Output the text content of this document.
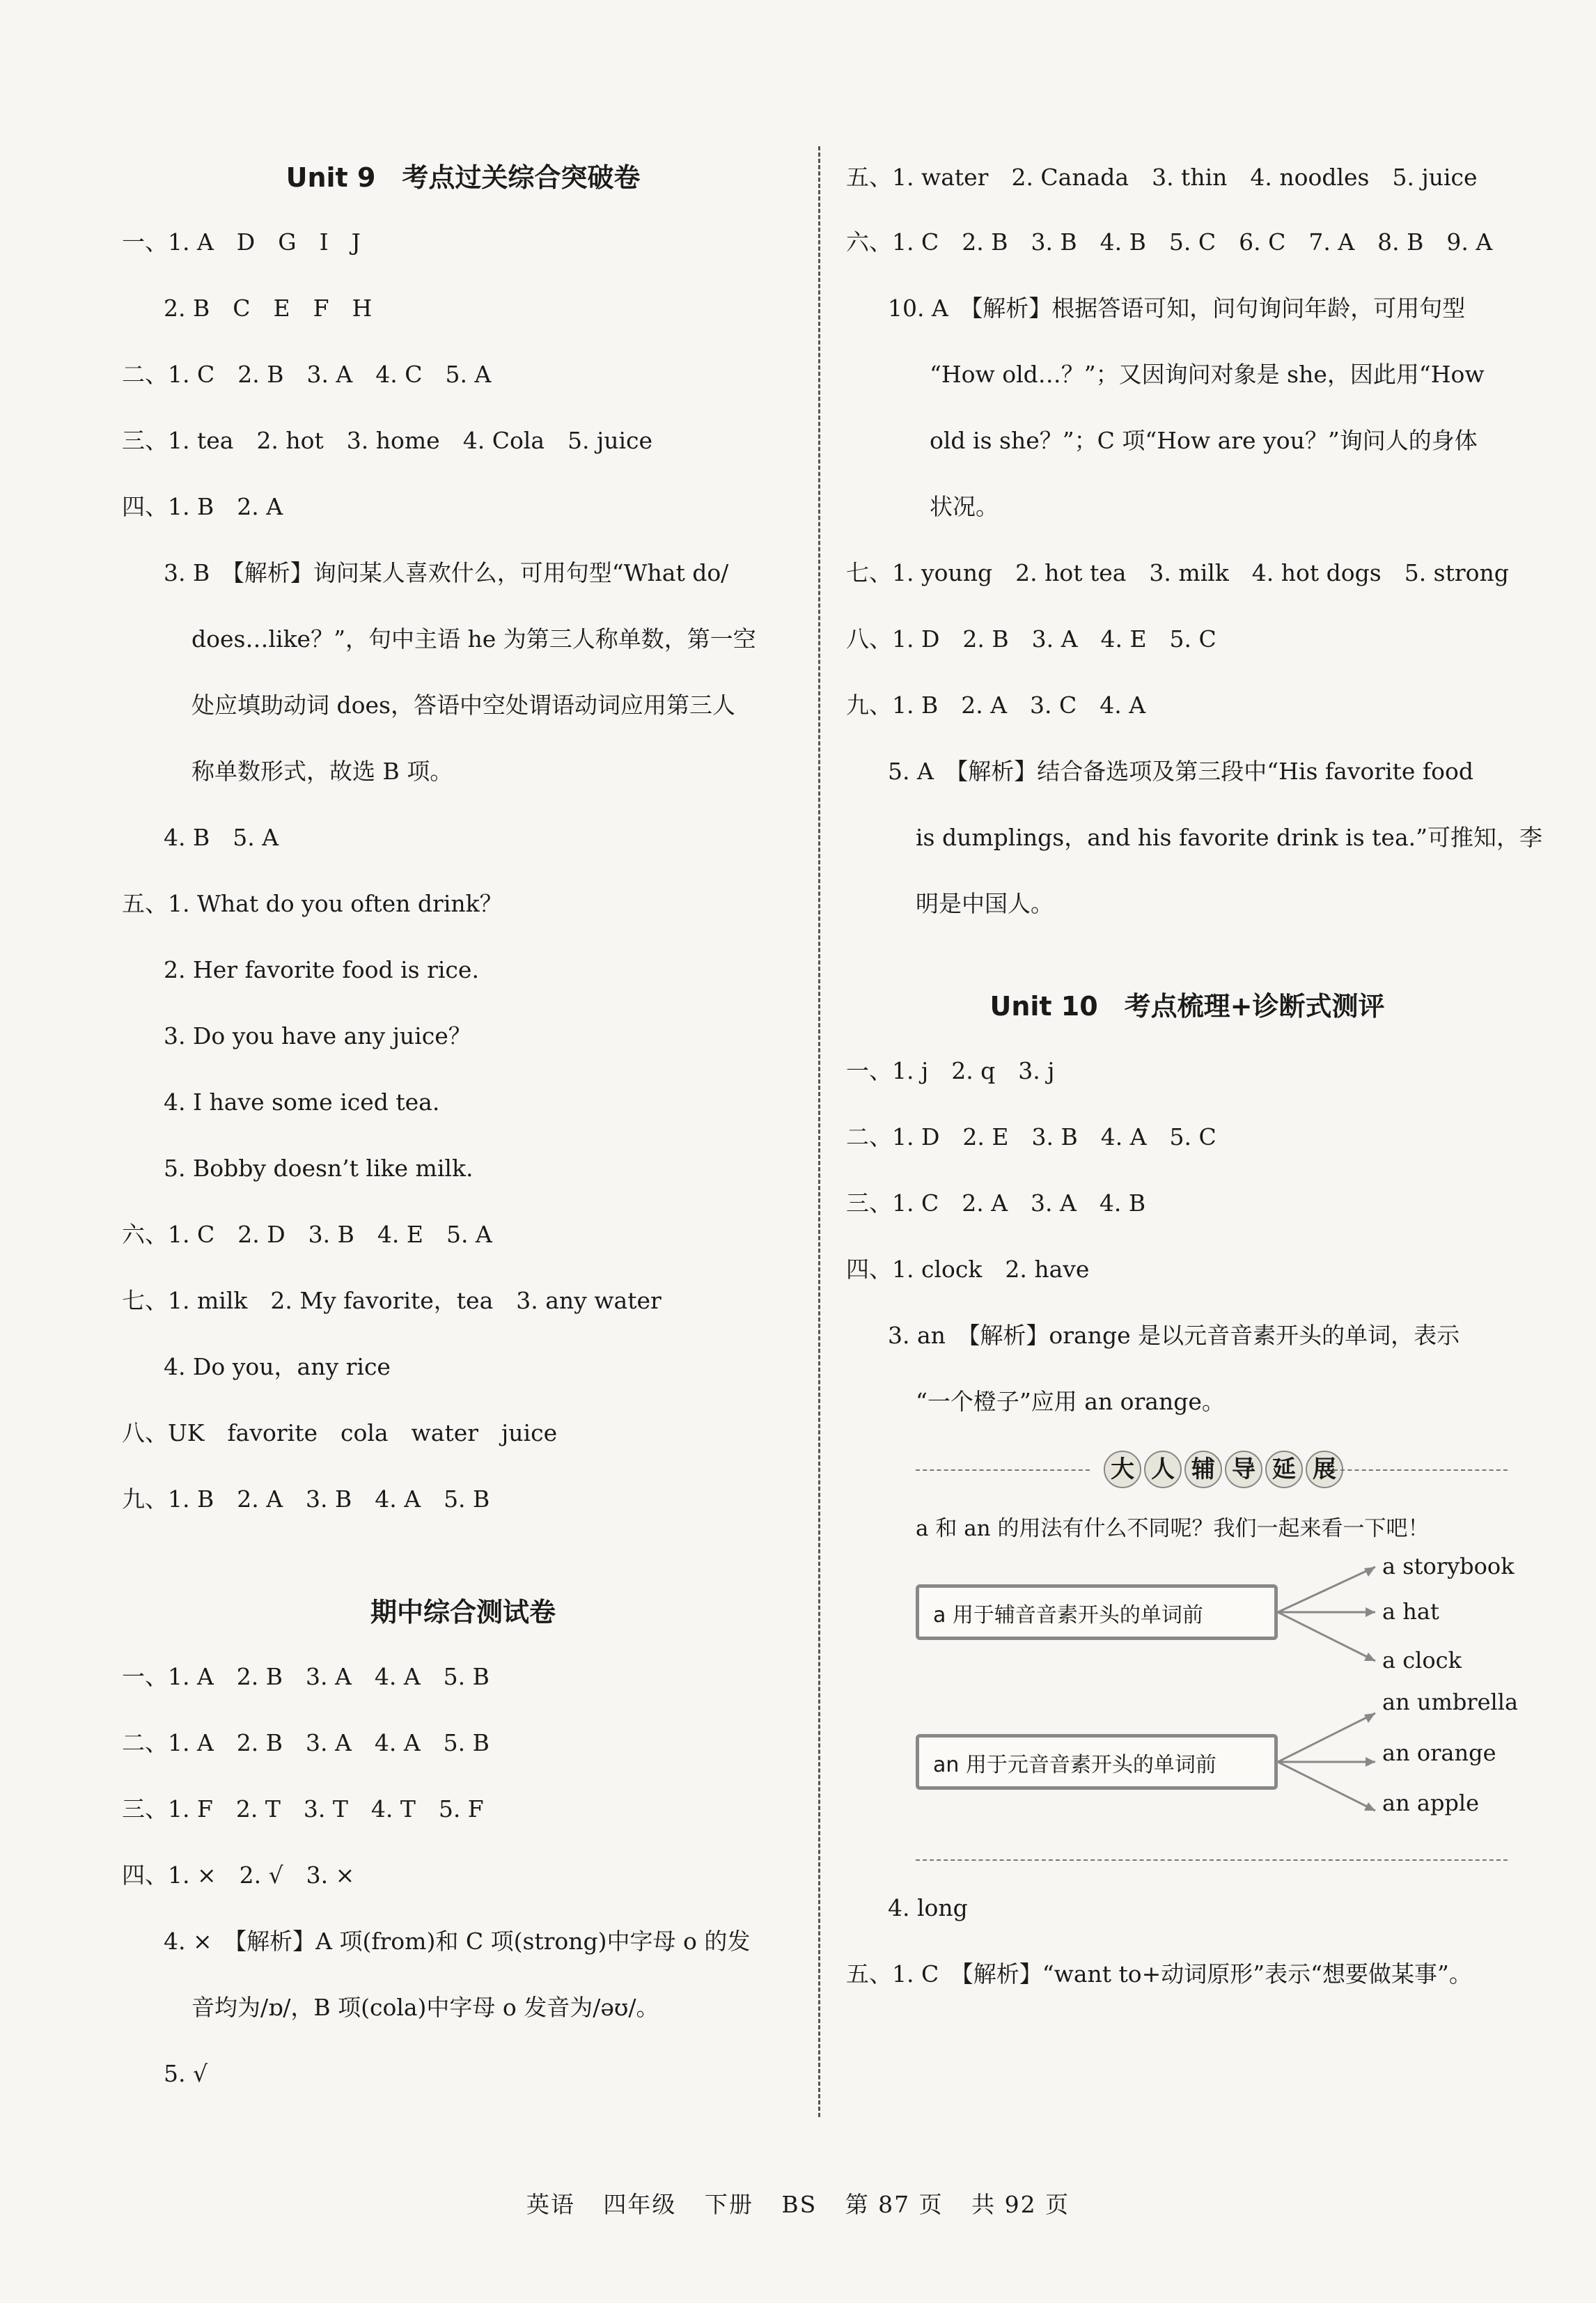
Unit 9　考点过关综合突破卷
一、1. A　D　G　I　J
2. B　C　E　F　H
二、1. C　2. B　3. A　4. C　5. A
三、1. tea　2. hot　3. home　4. Cola　5. juice
四、1. B　2. A
3. B　【解析】询问某人喜欢什么，可用句型“What do/
does…like？”，句中主语 he 为第三人称单数，第一空
处应填助动词 does，答语中空处谓语动词应用第三人
称单数形式，故选 B 项。
4. B　5. A
五、1. What do you often drink？
2. Her favorite food is rice.
3. Do you have any juice？
4. I have some iced tea.
5. Bobby doesn’t like milk.
六、1. C　2. D　3. B　4. E　5. A
七、1. milk　2. My favorite，tea　3. any water
4. Do you，any rice
八、UK　favorite　cola　water　juice
九、1. B　2. A　3. B　4. A　5. B
期中综合测试卷
一、1. A　2. B　3. A　4. A　5. B
二、1. A　2. B　3. A　4. A　5. B
三、1. F　2. T　3. T　4. T　5. F
四、1. ×　2. √　3. ×
4. ×　【解析】A 项(from)和 C 项(strong)中字母 o 的发
音均为/ɒ/，B 项(cola)中字母 o 发音为/əʊ/。
5. √
五、1. water　2. Canada　3. thin　4. noodles　5. juice
六、1. C　2. B　3. B　4. B　5. C　6. C　7. A　8. B　9. A
10. A　【解析】根据答语可知，问句询问年龄，可用句型
“How old…？”；又因询问对象是 she，因此用“How
old is she？”；C 项“How are you？”询问人的身体
状况。
七、1. young　2. hot tea　3. milk　4. hot dogs　5. strong
八、1. D　2. B　3. A　4. E　5. C
九、1. B　2. A　3. C　4. A
5. A　【解析】结合备选项及第三段中“His favorite food
is dumplings，and his favorite drink is tea.”可推知，李
明是中国人。
Unit 10　考点梳理+诊断式测评
一、1. j　2. q　3. j
二、1. D　2. E　3. B　4. A　5. C
三、1. C　2. A　3. A　4. B
四、1. clock　2. have
3. an　【解析】orange 是以元音音素开头的单词，表示
“一个橙子”应用 an orange。
大 人 辅 导 延 展
a 和 an 的用法有什么不同呢？我们一起来看一下吧！
a 用于辅音音素开头的单词前
an 用于元音音素开头的单词前
a storybook
a hat
a clock
an umbrella
an orange
an apple
4. long
五、1. C　【解析】“want to+动词原形”表示“想要做某事”。
英语 四年级 下册 BS 第 87 页 共 92 页
